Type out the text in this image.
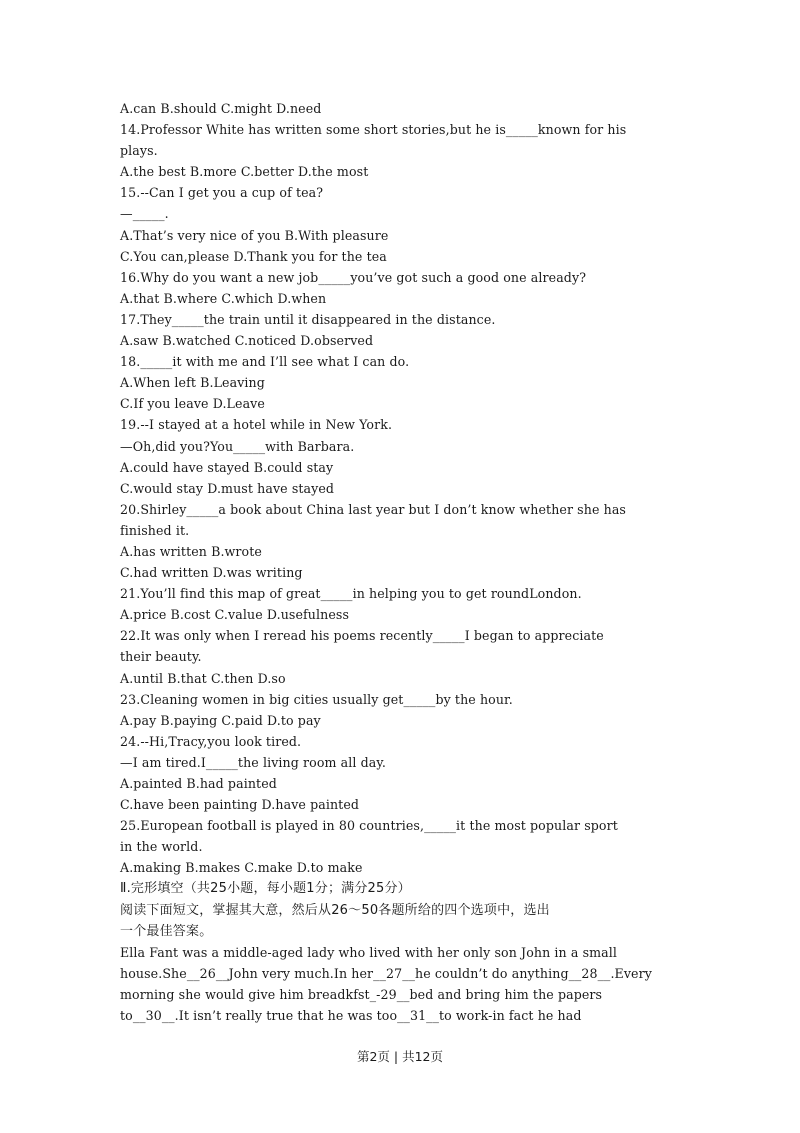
A.can B.should C.might D.need
14.Professor White has written some short stories,but he is_____known for his
plays.
A.the best B.more C.better D.the most
15.--Can I get you a cup of tea?
—_____.
A.That’s very nice of you B.With pleasure
C.You can,please D.Thank you for the tea
16.Why do you want a new job_____you’ve got such a good one already?
A.that B.where C.which D.when
17.They_____the train until it disappeared in the distance.
A.saw B.watched C.noticed D.observed
18._____it with me and I’ll see what I can do.
A.When left B.Leaving
C.If you leave D.Leave
19.--I stayed at a hotel while in New York.
—Oh,did you?You_____with Barbara.
A.could have stayed B.could stay
C.would stay D.must have stayed
20.Shirley_____a book about China last year but I don’t know whether she has
finished it.
A.has written B.wrote
C.had written D.was writing
21.You’ll find this map of great_____in helping you to get roundLondon.
A.price B.cost C.value D.usefulness
22.It was only when I reread his poems recently_____I began to appreciate
their beauty.
A.until B.that C.then D.so
23.Cleaning women in big cities usually get_____by the hour.
A.pay B.paying C.paid D.to pay
24.--Hi,Tracy,you look tired.
—I am tired.I_____the living room all day.
A.painted B.had painted
C.have been painting D.have painted
25.European football is played in 80 countries,_____it the most popular sport
in the world.
A.making B.makes C.make D.to make
Ⅱ.完形填空（共25小题，每小题1分；满分25分）
阅读下面短文，掌握其大意，然后从26～50各题所给的四个选项中，选出
一个最佳答案。
Ella Fant was a middle-aged lady who lived with her only son John in a small
house.She__26__John very much.In her__27__he couldn’t do anything__28__.Every
morning she would give him breadkfst_-29__bed and bring him the papers
to__30__.It isn’t really true that he was too__31__to work-in fact he had
第2页 | 共12页
